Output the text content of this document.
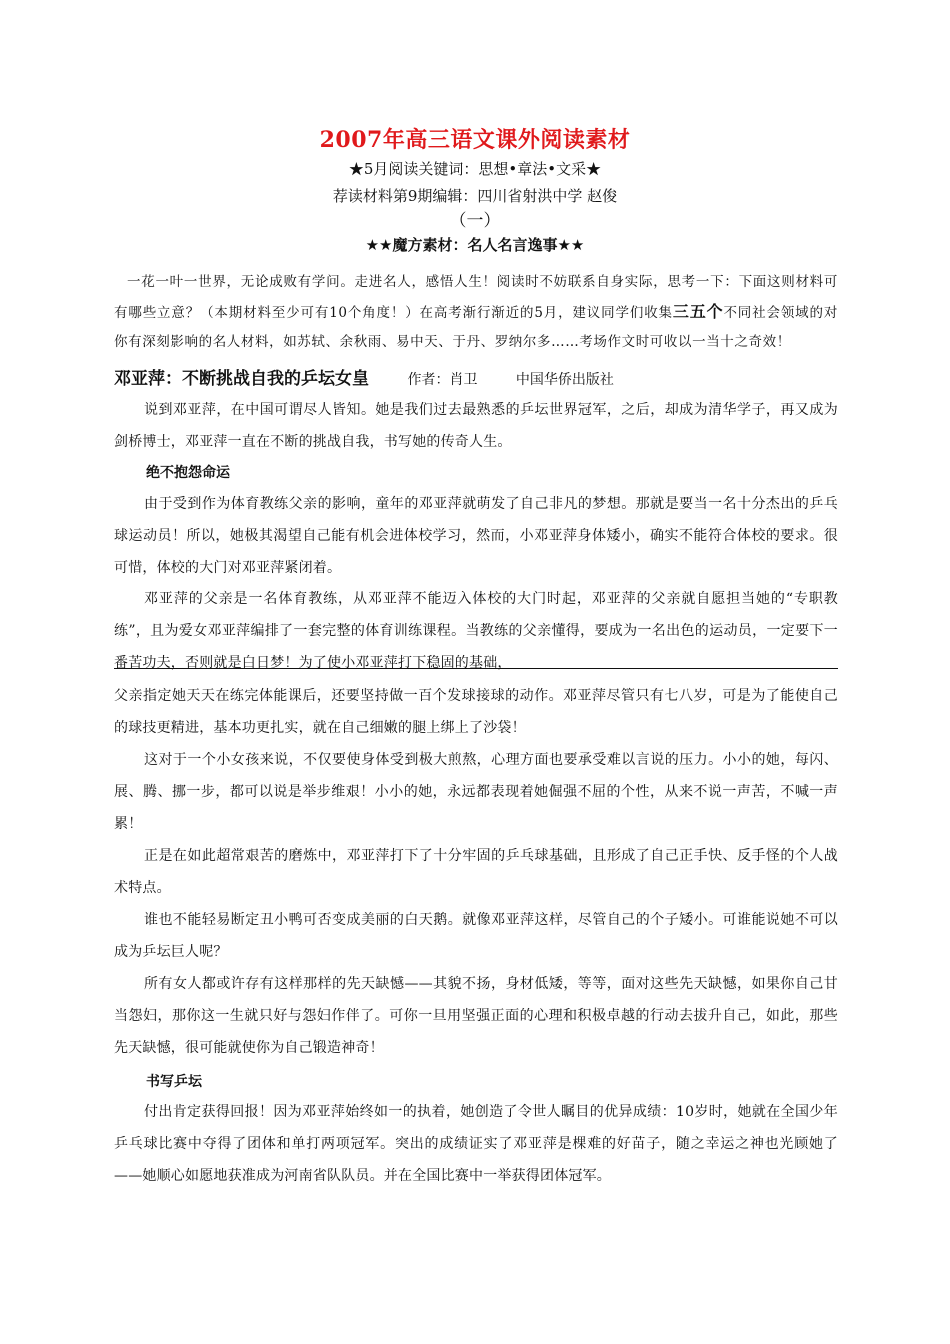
2007年高三语文课外阅读素材
★5月阅读关键词：思想•章法•文采★
荐读材料第9期编辑：四川省射洪中学 赵俊
（一）
★★魔方素材：名人名言逸事★★
一花一叶一世界，无论成败有学问。走进名人，感悟人生！阅读时不妨联系自身实际，思考一下：下面这则材料可有哪些立意？（本期材料至少可有10个角度！）在高考渐行渐近的5月，建议同学们收集三五个不同社会领域的对你有深刻影响的名人材料，如苏轼、余秋雨、易中天、于丹、罗纳尔多……考场作文时可收以一当十之奇效！
邓亚萍：不断挑战自我的乒坛女皇	作者：肖卫	中国华侨出版社
说到邓亚萍，在中国可谓尽人皆知。她是我们过去最熟悉的乒坛世界冠军，之后，却成为清华学子，再又成为剑桥博士，邓亚萍一直在不断的挑战自我，书写她的传奇人生。
绝不抱怨命运
由于受到作为体育教练父亲的影响，童年的邓亚萍就萌发了自己非凡的梦想。那就是要当一名十分杰出的乒乓球运动员！所以，她极其渴望自己能有机会进体校学习，然而，小邓亚萍身体矮小，确实不能符合体校的要求。很可惜，体校的大门对邓亚萍紧闭着。
邓亚萍的父亲是一名体育教练，从邓亚萍不能迈入体校的大门时起，邓亚萍的父亲就自愿担当她的“专职教练”，且为爱女邓亚萍编排了一套完整的体育训练课程。当教练的父亲懂得，要成为一名出色的运动员，一定要下一番苦功夫，否则就是白日梦！为了使小邓亚萍打下稳固的基础，
父亲指定她天天在练完体能课后，还要坚持做一百个发球接球的动作。邓亚萍尽管只有七八岁，可是为了能使自己的球技更精进，基本功更扎实，就在自己细嫩的腿上绑上了沙袋！
这对于一个小女孩来说，不仅要使身体受到极大煎熬，心理方面也要承受难以言说的压力。小小的她，每闪、展、腾、挪一步，都可以说是举步维艰！小小的她，永远都表现着她倔强不屈的个性，从来不说一声苦，不喊一声累！
正是在如此超常艰苦的磨炼中，邓亚萍打下了十分牢固的乒乓球基础，且形成了自己正手快、反手怪的个人战术特点。
谁也不能轻易断定丑小鸭可否变成美丽的白天鹅。就像邓亚萍这样，尽管自己的个子矮小。可谁能说她不可以成为乒坛巨人呢？
所有女人都或许存有这样那样的先天缺憾——其貌不扬，身材低矮，等等，面对这些先天缺憾，如果你自己甘当怨妇，那你这一生就只好与怨妇作伴了。可你一旦用坚强正面的心理和积极卓越的行动去拔升自己，如此，那些先天缺憾，很可能就使你为自己锻造神奇！
书写乒坛
付出肯定获得回报！因为邓亚萍始终如一的执着，她创造了令世人瞩目的优异成绩：10岁时，她就在全国少年乒乓球比赛中夺得了团体和单打两项冠军。突出的成绩证实了邓亚萍是棵难的好苗子，随之幸运之神也光顾她了——她顺心如愿地获准成为河南省队队员。并在全国比赛中一举获得团体冠军。
